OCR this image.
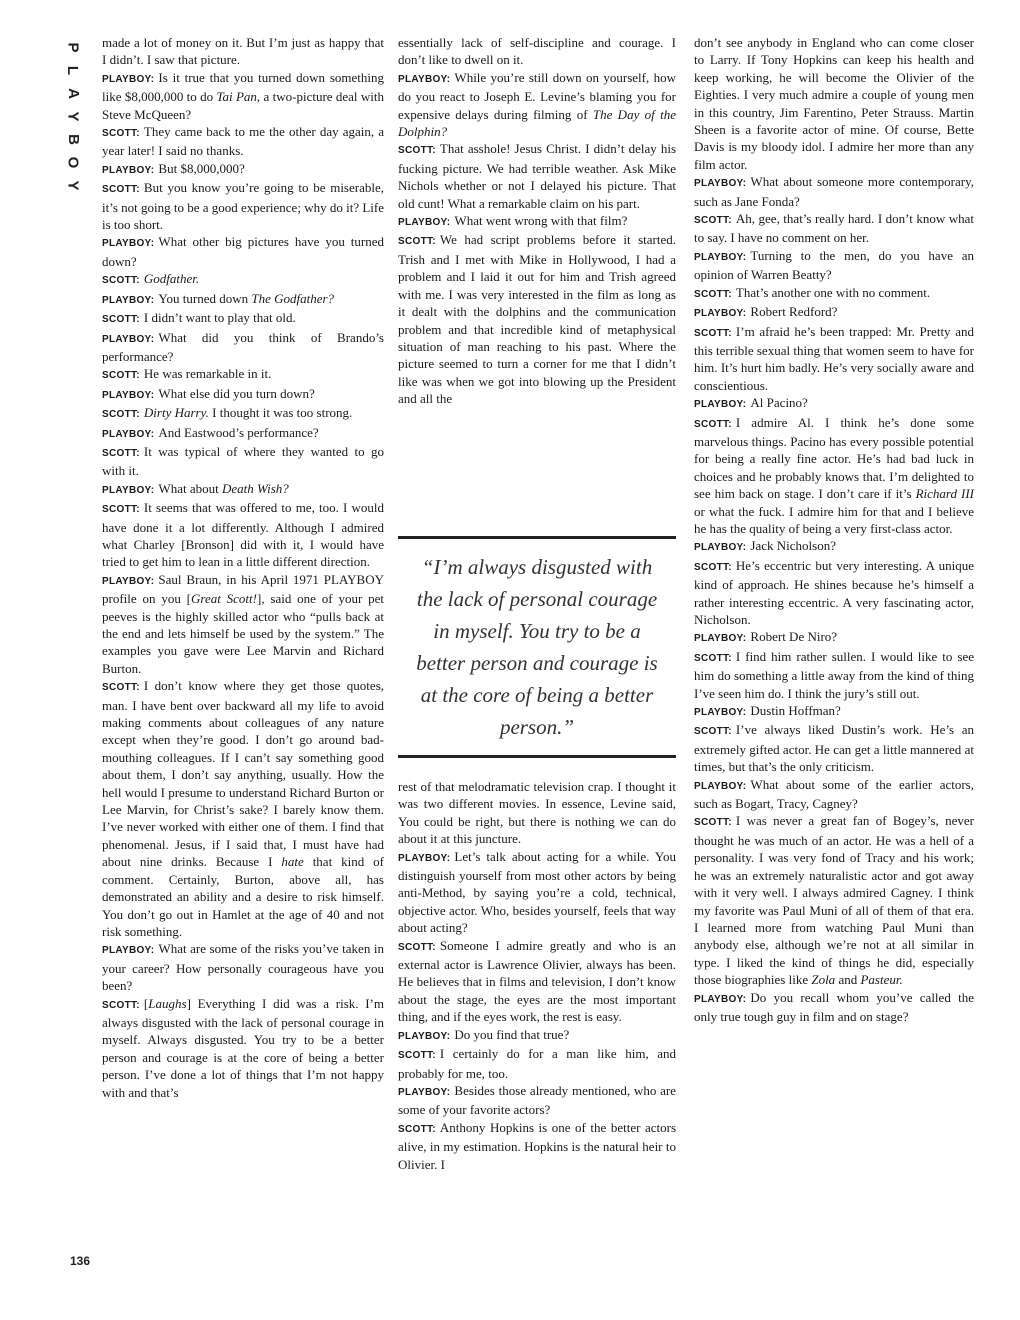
P
L
A
Y
B
O
Y

made a lot of money on it. But I’m just as happy that I didn’t. I saw that picture.

PLAYBOY: Is it true that you turned down something like $8,000,000 to do Tai Pan, a two-picture deal with Steve McQueen?

SCOTT: They came back to me the other day again, a year later! I said no thanks.

PLAYBOY: But $8,000,000?

SCOTT: But you know you’re going to be miserable, it’s not going to be a good experience; why do it? Life is too short.

PLAYBOY: What other big pictures have you turned down?

SCOTT: Godfather.

PLAYBOY: You turned down The Godfather?

SCOTT: I didn’t want to play that old.

PLAYBOY: What did you think of Brando’s performance?

SCOTT: He was remarkable in it.

PLAYBOY: What else did you turn down?

SCOTT: Dirty Harry. I thought it was too strong.

PLAYBOY: And Eastwood’s performance?

SCOTT: It was typical of where they wanted to go with it.

PLAYBOY: What about Death Wish?

SCOTT: It seems that was offered to me, too. I would have done it a lot differently. Although I admired what Charley [Bronson] did with it, I would have tried to get him to lean in a little different direction.

PLAYBOY: Saul Braun, in his April 1971 PLAYBOY profile on you [Great Scott!], said one of your pet peeves is the highly skilled actor who “pulls back at the end and lets himself be used by the system.” The examples you gave were Lee Marvin and Richard Burton.

SCOTT: I don’t know where they get those quotes, man. I have bent over backward all my life to avoid making comments about colleagues of any nature except when they’re good. I don’t go around bad-mouthing colleagues. If I can’t say something good about them, I don’t say anything, usually. How the hell would I presume to understand Richard Burton or Lee Marvin, for Christ’s sake? I barely know them. I’ve never worked with either one of them. I find that phenomenal. Jesus, if I said that, I must have had about nine drinks. Because I hate that kind of comment. Certainly, Burton, above all, has demonstrated an ability and a desire to risk himself. You don’t go out in Hamlet at the age of 40 and not risk something.

PLAYBOY: What are some of the risks you’ve taken in your career? How personally courageous have you been?

SCOTT: [Laughs] Everything I did was a risk. I’m always disgusted with the lack of personal courage in myself. Always disgusted. You try to be a better person and courage is at the core of being a better person. I’ve done a lot of things that I’m not happy with and that’s

essentially lack of self-discipline and courage. I don’t like to dwell on it.

PLAYBOY: While you’re still down on yourself, how do you react to Joseph E. Levine’s blaming you for expensive delays during filming of The Day of the Dolphin?

SCOTT: That asshole! Jesus Christ. I didn’t delay his fucking picture. We had terrible weather. Ask Mike Nichols whether or not I delayed his picture. That old cunt! What a remarkable claim on his part.

PLAYBOY: What went wrong with that film?

SCOTT: We had script problems before it started. Trish and I met with Mike in Hollywood, I had a problem and I laid it out for him and Trish agreed with me. I was very interested in the film as long as it dealt with the dolphins and the communication problem and that incredible kind of metaphysical situation of man reaching to his past. Where the picture seemed to turn a corner for me that I didn’t like was when we got into blowing up the President and all the

“I’m always disgusted with the lack of personal courage in myself. You try to be a better person and courage is at the core of being a better person.”

rest of that melodramatic television crap. I thought it was two different movies. In essence, Levine said, You could be right, but there is nothing we can do about it at this juncture.

PLAYBOY: Let’s talk about acting for a while. You distinguish yourself from most other actors by being anti-Method, by saying you’re a cold, technical, objective actor. Who, besides yourself, feels that way about acting?

SCOTT: Someone I admire greatly and who is an external actor is Lawrence Olivier, always has been. He believes that in films and television, I don’t know about the stage, the eyes are the most important thing, and if the eyes work, the rest is easy.

PLAYBOY: Do you find that true?

SCOTT: I certainly do for a man like him, and probably for me, too.

PLAYBOY: Besides those already mentioned, who are some of your favorite actors?

SCOTT: Anthony Hopkins is one of the better actors alive, in my estimation. Hopkins is the natural heir to Olivier. I

don’t see anybody in England who can come closer to Larry. If Tony Hopkins can keep his health and keep working, he will become the Olivier of the Eighties. I very much admire a couple of young men in this country, Jim Farentino, Peter Strauss. Martin Sheen is a favorite actor of mine. Of course, Bette Davis is my bloody idol. I admire her more than any film actor.

PLAYBOY: What about someone more contemporary, such as Jane Fonda?

SCOTT: Ah, gee, that’s really hard. I don’t know what to say. I have no comment on her.

PLAYBOY: Turning to the men, do you have an opinion of Warren Beatty?

SCOTT: That’s another one with no comment.

PLAYBOY: Robert Redford?

SCOTT: I’m afraid he’s been trapped: Mr. Pretty and this terrible sexual thing that women seem to have for him. It’s hurt him badly. He’s very socially aware and conscientious.

PLAYBOY: Al Pacino?

SCOTT: I admire Al. I think he’s done some marvelous things. Pacino has every possible potential for being a really fine actor. He’s had bad luck in choices and he probably knows that. I’m delighted to see him back on stage. I don’t care if it’s Richard III or what the fuck. I admire him for that and I believe he has the quality of being a very first-class actor.

PLAYBOY: Jack Nicholson?

SCOTT: He’s eccentric but very interesting. A unique kind of approach. He shines because he’s himself a rather interesting eccentric. A very fascinating actor, Nicholson.

PLAYBOY: Robert De Niro?

SCOTT: I find him rather sullen. I would like to see him do something a little away from the kind of thing I’ve seen him do. I think the jury’s still out.

PLAYBOY: Dustin Hoffman?

SCOTT: I’ve always liked Dustin’s work. He’s an extremely gifted actor. He can get a little mannered at times, but that’s the only criticism.

PLAYBOY: What about some of the earlier actors, such as Bogart, Tracy, Cagney?

SCOTT: I was never a great fan of Bogey’s, never thought he was much of an actor. He was a hell of a personality. I was very fond of Tracy and his work; he was an extremely naturalistic actor and got away with it very well. I always admired Cagney. I think my favorite was Paul Muni of all of them of that era. I learned more from watching Paul Muni than anybody else, although we’re not at all similar in type. I liked the kind of things he did, especially those biographies like Zola and Pasteur.

PLAYBOY: Do you recall whom you’ve called the only true tough guy in film and on stage?

136
